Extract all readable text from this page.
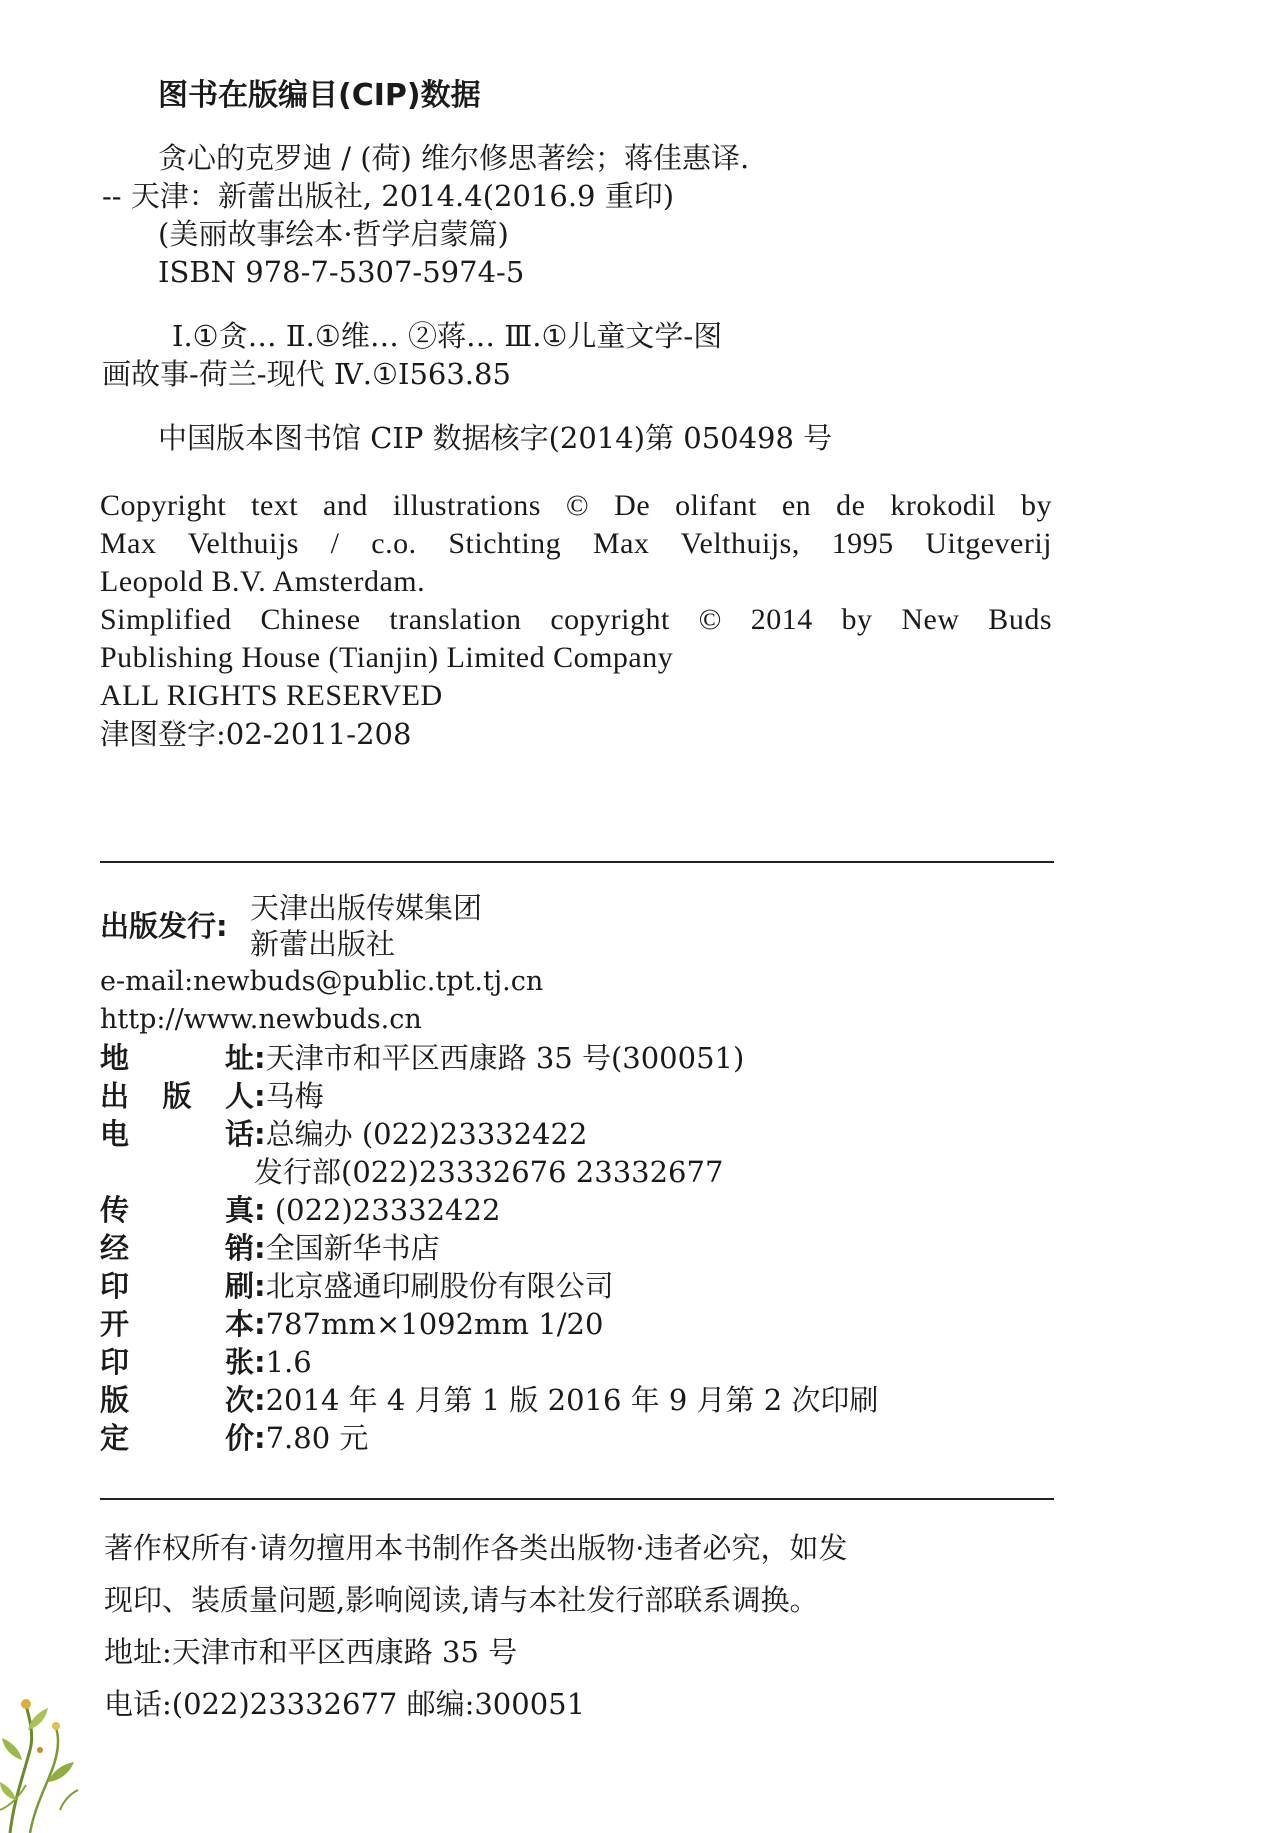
图书在版编目(CIP)数据
贪心的克罗迪 / (荷) 维尔修思著绘；蒋佳惠译.
-- 天津：新蕾出版社, 2014.4(2016.9 重印)
(美丽故事绘本·哲学启蒙篇)
ISBN 978-7-5307-5974-5
Ⅰ.①贪… Ⅱ.①维… ②蒋… Ⅲ.①儿童文学-图
画故事-荷兰-现代 Ⅳ.①I563.85
中国版本图书馆 CIP 数据核字(2014)第 050498 号
Copyright text and illustrations © De olifant en de krokodil by
Max Velthuijs / c.o. Stichting Max Velthuijs, 1995 Uitgeverij
Leopold B.V. Amsterdam.
Simplified Chinese translation copyright © 2014 by New Buds
Publishing House (Tianjin) Limited Company
ALL RIGHTS RESERVED
津图登字:02-2011-208
出版发行:
天津出版传媒集团
新蕾出版社
e-mail:newbuds@public.tpt.tj.cn
http://www.newbuds.cn
地址:天津市和平区西康路 35 号(300051)
出版人:马梅
电话:总编办 (022)23332422
发行部(022)23332676 23332677
传真: (022)23332422
经销:全国新华书店
印刷:北京盛通印刷股份有限公司
开本:787mm×1092mm 1/20
印张:1.6
版次:2014 年 4 月第 1 版 2016 年 9 月第 2 次印刷
定价:7.80 元
著作权所有·请勿擅用本书制作各类出版物·违者必究，如发
现印、装质量问题,影响阅读,请与本社发行部联系调换。
地址:天津市和平区西康路 35 号
电话:(022)23332677 邮编:300051
